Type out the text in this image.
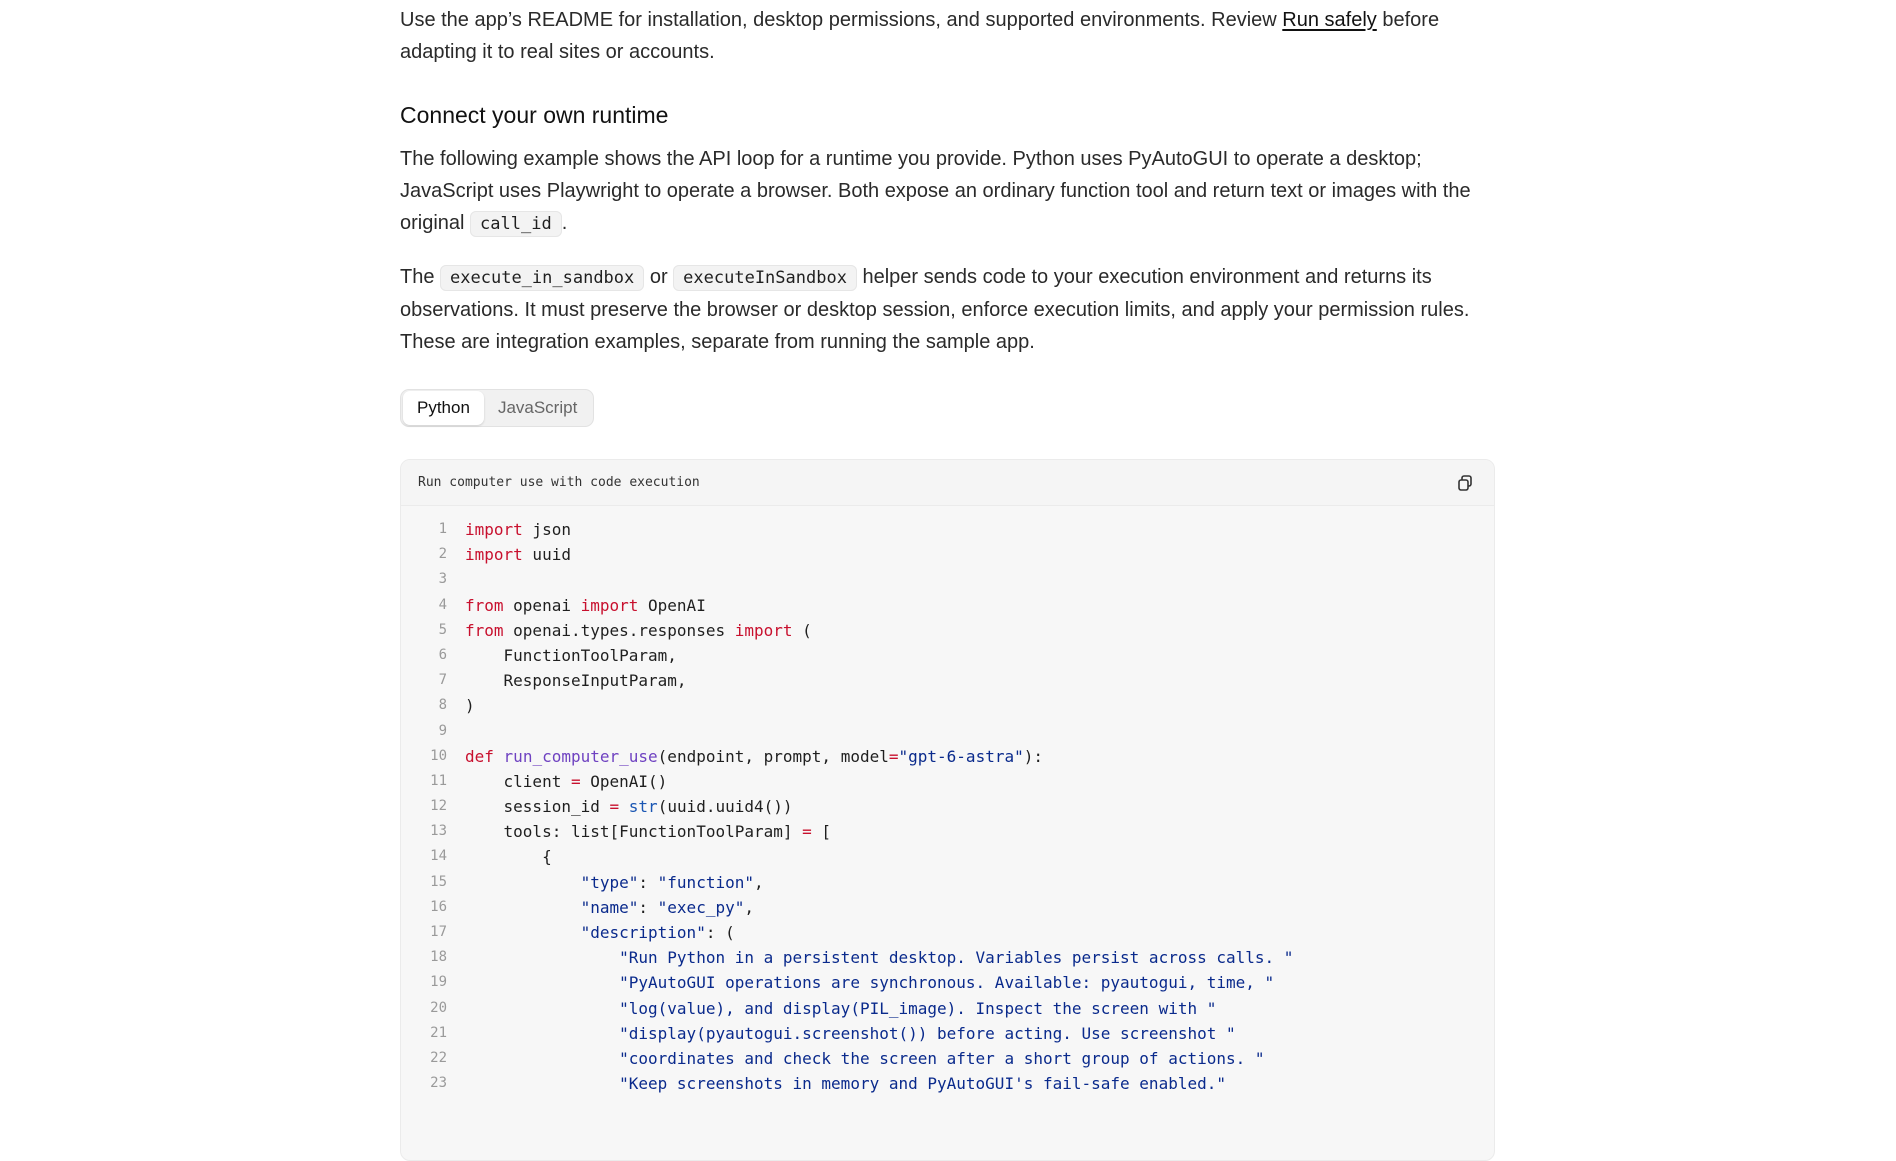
Use the app’s README for installation, desktop permissions, and supported environments. Review Run safely before adapting it to real sites or accounts.

Connect your own runtime

The following example shows the API loop for a runtime you provide. Python uses PyAutoGUI to operate a desktop; JavaScript uses Playwright to operate a browser. Both expose an ordinary function tool and return text or images with the original call_id .

The execute_in_sandbox or executeInSandbox helper sends code to your execution environment and returns its observations. It must preserve the browser or desktop session, enforce execution limits, and apply your permission rules. These are integration examples, separate from running the sample app.

Python	JavaScript
Run computer use with code execution
1	import json
2	import uuid
3
4	from openai import OpenAI
5	from openai.types.responses import (
6	FunctionToolParam,
7	ResponseInputParam,
8	)
9
10	def run_computer_use(endpoint, prompt, model="gpt-6-astra"):
11	client = OpenAI()
12	session_id = str(uuid.uuid4())
13	tools: list[FunctionToolParam] = [
14	{
15	"type": "function",
16	"name": "exec_py",
17	"description": (
18	"Run Python in a persistent desktop. Variables persist across calls. "
19	"PyAutoGUI operations are synchronous. Available: pyautogui, time, "
20	"log(value), and display(PIL_image). Inspect the screen with "
21	"display(pyautogui.screenshot()) before acting. Use screenshot "
22	"coordinates and check the screen after a short group of actions. "
23	"Keep screenshots in memory and PyAutoGUI's fail-safe enabled."
